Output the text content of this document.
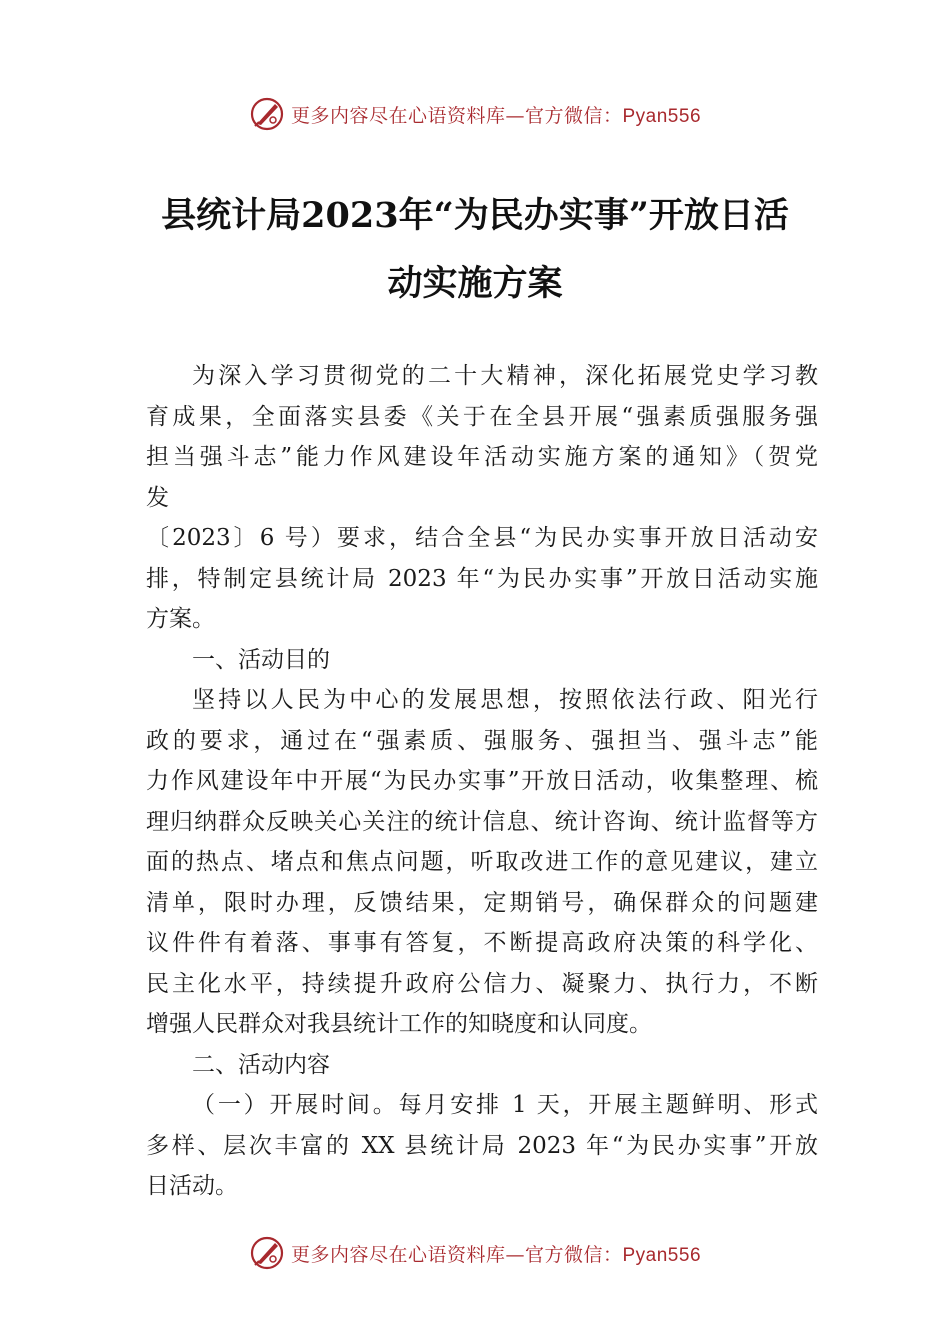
更多内容尽在心语资料库—官方微信：Pyan556
县统计局2023年“为民办实事”开放日活
动实施方案
为深入学习贯彻党的二十大精神，深化拓展党史学习教
育成果，全面落实县委《关于在全县开展“强素质强服务强
担当强斗志”能力作风建设年活动实施方案的通知》（贺党
发
〔2023〕6 号）要求，结合全县“为民办实事开放日活动安
排，特制定县统计局 2023 年“为民办实事”开放日活动实施
方案。
一、活动目的
坚持以人民为中心的发展思想，按照依法行政、阳光行
政的要求，通过在“强素质、强服务、强担当、强斗志”能
力作风建设年中开展“为民办实事”开放日活动，收集整理、梳
理归纳群众反映关心关注的统计信息、统计咨询、统计监督等方
面的热点、堵点和焦点问题，听取改进工作的意见建议，建立
清单，限时办理，反馈结果，定期销号，确保群众的问题建
议件件有着落、事事有答复，不断提高政府决策的科学化、
民主化水平，持续提升政府公信力、凝聚力、执行力，不断
增强人民群众对我县统计工作的知晓度和认同度。
二、活动内容
（一）开展时间。每月安排 1 天，开展主题鲜明、形式
多样、层次丰富的 XX 县统计局 2023 年“为民办实事”开放
日活动。
更多内容尽在心语资料库—官方微信：Pyan556
